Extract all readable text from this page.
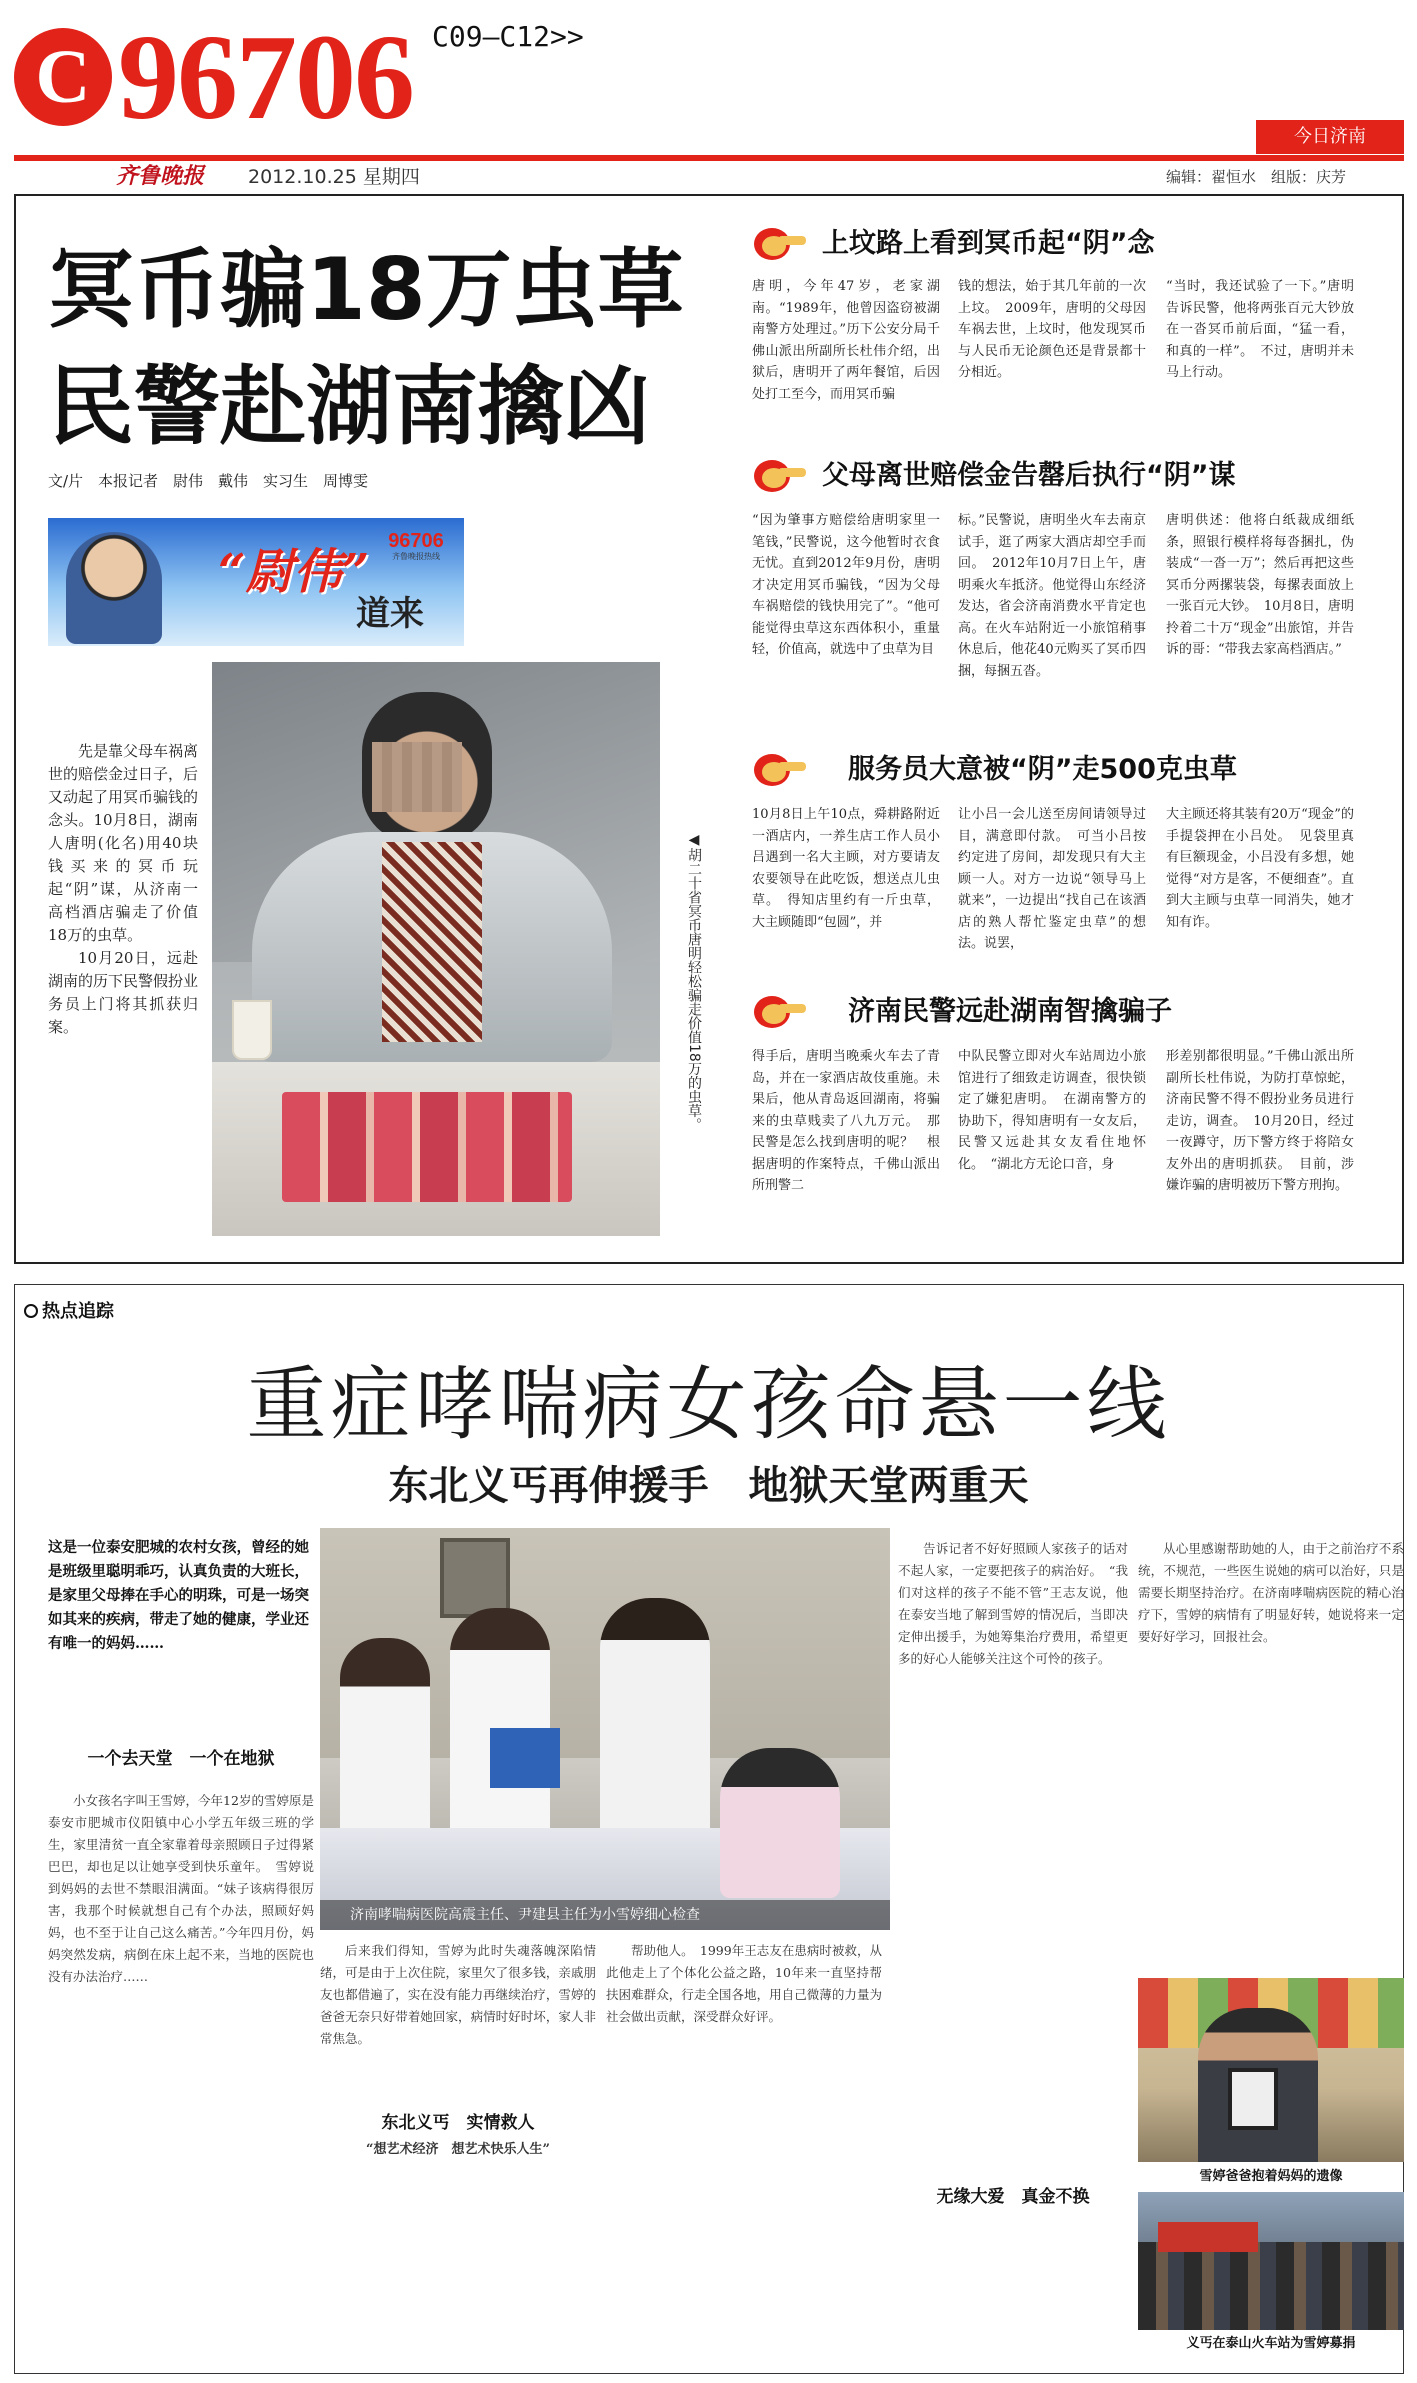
C 96706 C09–C12>>
今日济南
齐鲁晚报 2012.10.25 星期四	编辑：翟恒水　组版：庆芳
冥币骗18万虫草
民警赴湖南擒凶
文/片　本报记者　尉伟　戴伟　实习生　周博雯
“尉伟”
道来
96706
齐鲁晚报热线

先是靠父母车祸离世的赔偿金过日子，后又动起了用冥币骗钱的念头。10月8日，湖南人唐明(化名)用40块钱买来的冥币玩起“阴”谋，从济南一高档酒店骗走了价值18万的虫草。

10月20日，远赴湖南的历下民警假扮业务员上门将其抓获归案。	◀胡二十省冥币唐明轻松骗走价值18万的虫草。
上坟路上看到冥币起“阴”念
唐明，今年47岁，老家湖南。“1989年，他曾因盗窃被湖南警方处理过。”历下公安分局千佛山派出所副所长杜伟介绍，出狱后，唐明开了两年餐馆，后因处打工至今，而用冥币骗
钱的想法，始于其几年前的一次上坟。　2009年，唐明的父母因车祸去世，上坟时，他发现冥币与人民币无论颜色还是背景都十分相近。
“当时，我还试验了一下。”唐明告诉民警，他将两张百元大钞放在一沓冥币前后面，“猛一看，和真的一样”。　不过，唐明并未马上行动。
父母离世赔偿金告罄后执行“阴”谋
“因为肇事方赔偿给唐明家里一笔钱，”民警说，这今他暂时衣食无忧。直到2012年9月份，唐明才决定用冥币骗钱，“因为父母车祸赔偿的钱快用完了”。“他可能觉得虫草这东西体积小，重量轻，价值高，就选中了虫草为目
标。”民警说，唐明坐火车去南京试手，逛了两家大酒店却空手而回。　2012年10月7日上午，唐明乘火车抵济。他觉得山东经济发达，省会济南消费水平肯定也高。在火车站附近一小旅馆稍事休息后，他花40元购买了冥币四捆，每捆五沓。
唐明供述：他将白纸裁成细纸条，照银行模样将每沓捆扎，伪装成“一沓一万”；然后再把这些冥币分两摞装袋，每摞表面放上一张百元大钞。　10月8日，唐明拎着二十万“现金”出旅馆，并告诉的哥：“带我去家高档酒店。”
服务员大意被“阴”走500克虫草
10月8日上午10点，舜耕路附近一酒店内，一养生店工作人员小吕遇到一名大主顾，对方要请友农要领导在此吃饭，想送点儿虫草。　得知店里约有一斤虫草，大主顾随即“包圆”，并
让小吕一会儿送至房间请领导过目，满意即付款。　可当小吕按约定进了房间，却发现只有大主顾一人。对方一边说“领导马上就来”，一边提出“找自己在该酒店的熟人帮忙鉴定虫草”的想法。说罢，
大主顾还将其装有20万“现金”的手提袋押在小吕处。　见袋里真有巨额现金，小吕没有多想，她觉得“对方是客，不便细查”。直到大主顾与虫草一同消失，她才知有诈。
济南民警远赴湖南智擒骗子
得手后，唐明当晚乘火车去了青岛，并在一家酒店故伎重施。未果后，他从青岛返回湖南，将骗来的虫草贱卖了八九万元。　那民警是怎么找到唐明的呢？　根据唐明的作案特点，千佛山派出所刑警二
中队民警立即对火车站周边小旅馆进行了细致走访调查，很快锁定了嫌犯唐明。　在湖南警方的协助下，得知唐明有一女友后，民警又远赴其女友看住地怀化。　“湖北方无论口音，身
形差别都很明显。”千佛山派出所副所长杜伟说，为防打草惊蛇，济南民警不得不假扮业务员进行走访，调查。　10月20日，经过一夜蹲守，历下警方终于将陪女友外出的唐明抓获。　目前，涉嫌诈骗的唐明被历下警方刑拘。
热点追踪
重症哮喘病女孩命悬一线
东北义丐再伸援手　地狱天堂两重天
这是一位泰安肥城的农村女孩，曾经的她是班级里聪明乖巧，认真负责的大班长，是家里父母捧在手心的明珠，可是一场突如其来的疾病，带走了她的健康，学业还有唯一的妈妈……
一个去天堂　一个在地狱

小女孩名字叫王雪婷，今年12岁的雪婷原是泰安市肥城市仪阳镇中心小学五年级三班的学生，家里清贫一直全家靠着母亲照顾日子过得紧巴巴，却也足以让她享受到快乐童年。　雪婷说到妈妈的去世不禁眼泪满面。“妹子该病得很厉害，我那个时候就想自己有个办法，照顾好妈妈，也不至于让自己这么痛苦。”今年四月份，妈妈突然发病，病倒在床上起不来，当地的医院也没有办法治疗……

济南哮喘病医院高震主任、尹建县主任为小雪婷细心检查

后来我们得知，雪婷为此时失魂落魄深陷情绪，可是由于上次住院，家里欠了很多钱，亲戚朋友也都借遍了，实在没有能力再继续治疗，雪婷的爸爸无奈只好带着她回家，病情时好时坏，家人非常焦急。

东北义丐　实情救人
“想艺术经济　想艺术快乐人生”

帮助他人。　1999年王志友在患病时被救，从此他走上了个体化公益之路，10年来一直坚持帮扶困难群众，行走全国各地，用自己微薄的力量为社会做出贡献，深受群众好评。

告诉记者不好好照顾人家孩子的话对不起人家，一定要把孩子的病治好。　“我们对这样的孩子不能不管”王志友说，他在泰安当地了解到雪婷的情况后，当即决定伸出援手，为她筹集治疗费用，希望更多的好心人能够关注这个可怜的孩子。

无缘大爱　真金不换

从心里感谢帮助她的人，由于之前治疗不系统，不规范，一些医生说她的病可以治好，只是需要长期坚持治疗。在济南哮喘病医院的精心治疗下，雪婷的病情有了明显好转，她说将来一定要好好学习，回报社会。

雪婷爸爸抱着妈妈的遗像
义丐在泰山火车站为雪婷募捐
